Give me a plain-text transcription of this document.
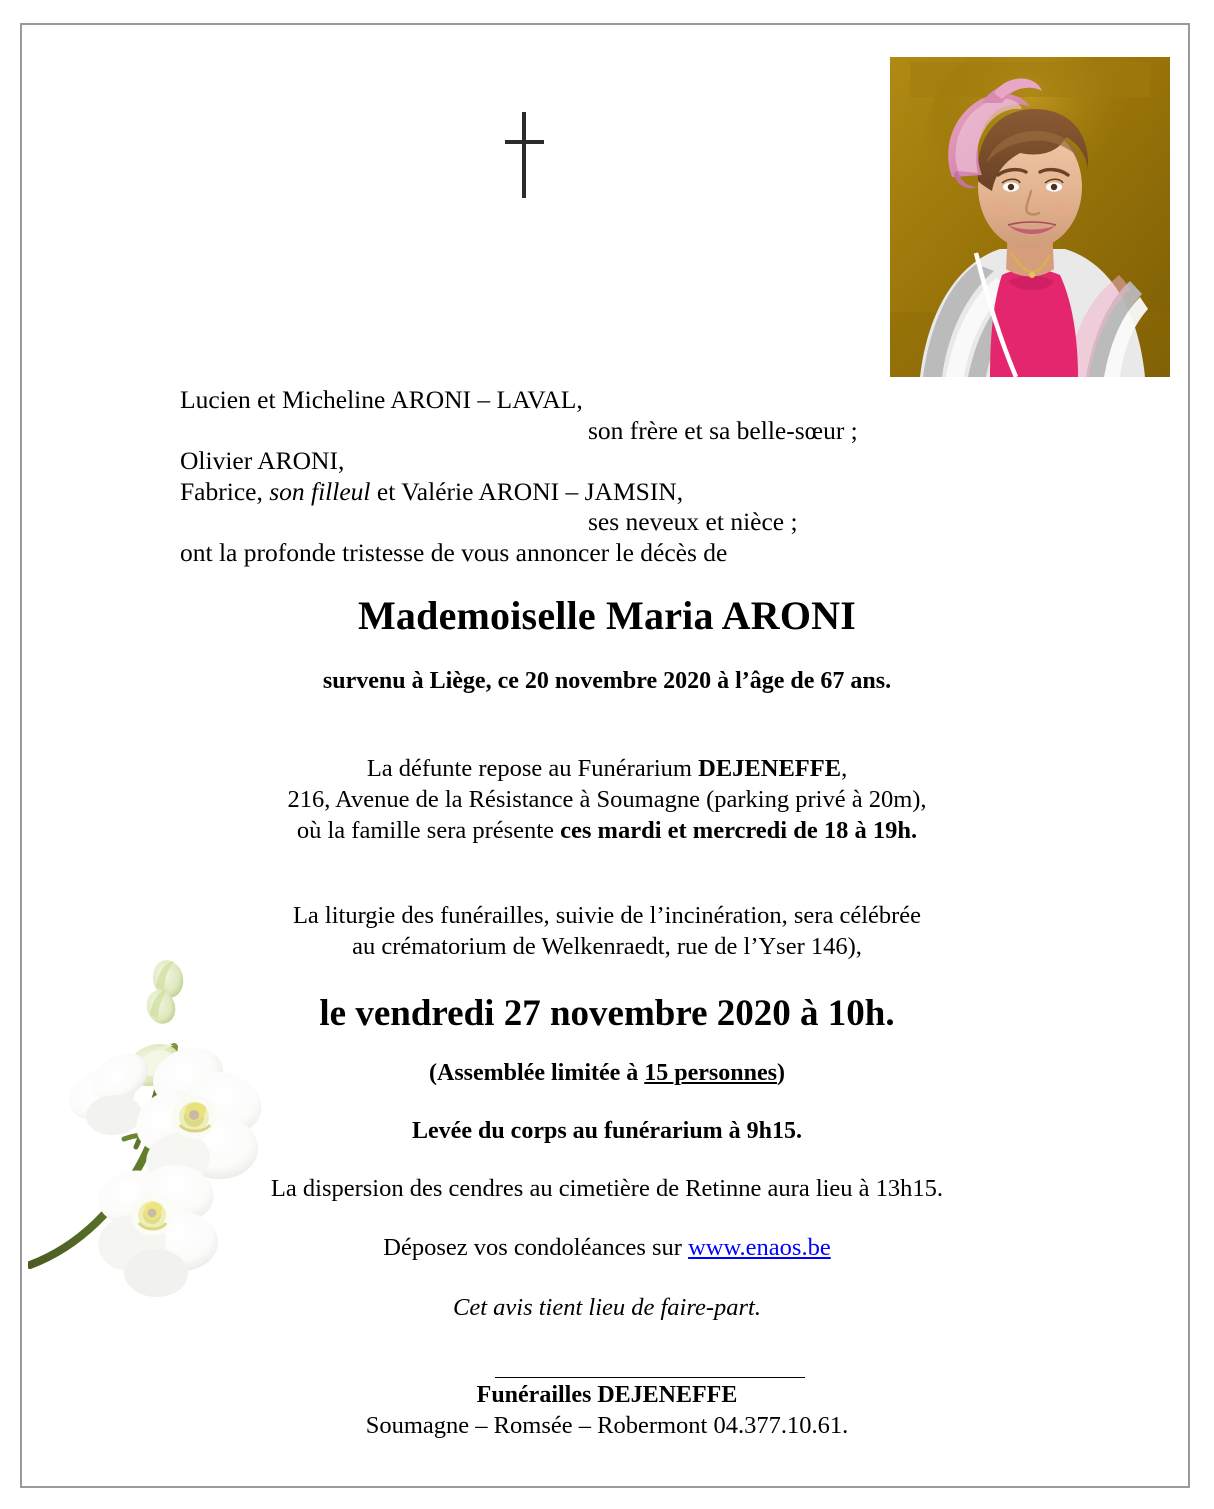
Lucien et Micheline ARONI – LAVAL,
son frère et sa belle-sœur ;
Olivier ARONI,
Fabrice, son filleul et Valérie ARONI – JAMSIN,
ses neveux et nièce ;
ont la profonde tristesse de vous annoncer le décès de
Mademoiselle Maria ARONI
survenu à Liège, ce 20 novembre 2020 à l’âge de 67 ans.
La défunte repose au Funérarium DEJENEFFE,
216, Avenue de la Résistance à Soumagne (parking privé à 20m),
où la famille sera présente ces mardi et mercredi de 18 à 19h.
La liturgie des funérailles, suivie de l’incinération, sera célébrée
au crématorium de Welkenraedt, rue de l’Yser 146),
le vendredi 27 novembre 2020 à 10h.
(Assemblée limitée à 15 personnes)
Levée du corps au funérarium à 9h15.
La dispersion des cendres au cimetière de Retinne aura lieu à 13h15.
Déposez vos condoléances sur www.enaos.be
Cet avis tient lieu de faire-part.
Funérailles DEJENEFFE
Soumagne – Romsée – Robermont 04.377.10.61.
